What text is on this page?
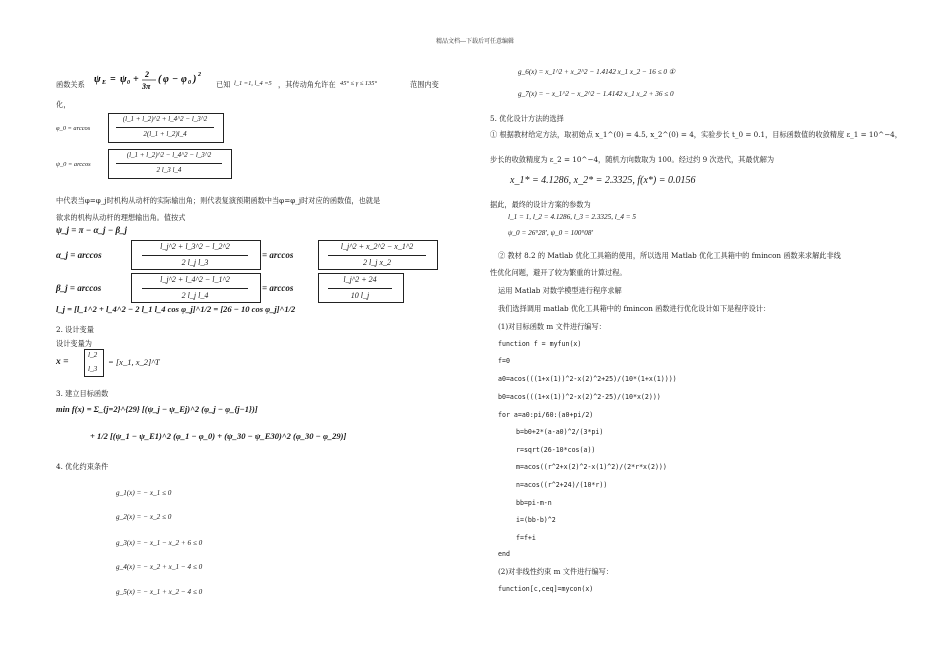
精品文档---下载后可任意编辑
函数关系 ψ E = ψ 0 + 2
3π
( φ − φ 0 ) 2
已知 l_1 =1, l_4 =5 ，其传动角允许在 45° ≤ γ ≤ 135°	范围内变
化，
φ_0 = arccos
(l_1 + l_2)^2 + l_4^2 − l_3^2
2(l_1 + l_2)l_4
ψ_0 = arccos
(l_1 + l_2)^2 − l_4^2 − l_3^2
2 l_3 l_4
中代表当φ=φ_j时机构从动杆的实际输出角；则代表复演预期函数中当φ=φ_j时对应的函数值，也就是
欲求的机构从动杆的理想输出角。值按式
ψ_j = π − α_j − β_j
α_j = arccos
l_j^2 + l_3^2 − l_2^2
2 l_j l_3
= arccos
l_j^2 + x_2^2 − x_1^2
2 l_j x_2
β_j = arccos
l_j^2 + l_4^2 − l_1^2
2 l_j l_4
= arccos
l_j^2 + 24
10 l_j
l_j = [l_1^2 + l_4^2 − 2 l_1 l_4 cos φ_j]^1/2 = [26 − 10 cos φ_j]^1/2
2. 设计变量
设计变量为
x =
l_2
l_3
= [x_1, x_2]^T
3. 建立目标函数
min f(x) = Σ_{j=2}^{29} [(ψ_j − ψ_Ej)^2 (φ_j − φ_{j−1})]
+ 1/2 [(ψ_1 − ψ_E1)^2 (φ_1 − φ_0) + (ψ_30 − ψ_E30)^2 (φ_30 − φ_29)]
4. 优化约束条件
g_1(x) = − x_1 ≤ 0
g_2(x) = − x_2 ≤ 0
g_3(x) = − x_1 − x_2 + 6 ≤ 0
g_4(x) = − x_2 + x_1 − 4 ≤ 0
g_5(x) = − x_1 + x_2 − 4 ≤ 0
g_6(x) = x_1^2 + x_2^2 − 1.4142 x_1 x_2 − 16 ≤ 0 ①
g_7(x) = − x_1^2 − x_2^2 − 1.4142 x_1 x_2 + 36 ≤ 0
5. 优化设计方法的选择
① 根据教材给定方法，取初始点 x_1^(0) = 4.5, x_2^(0) = 4，实验步长 t_0 = 0.1，目标函数值的收敛精度 ε_1 = 10^−4，
步长的收敛精度为 ε_2 = 10^−4，随机方向数取为 100。经过约 9 次迭代，其最优解为
x_1* = 4.1286, x_2* = 2.3325, f(x*) = 0.0156
据此，最终的设计方案的参数为
l_1 = 1, l_2 = 4.1286, l_3 = 2.3325, l_4 = 5
ψ_0 = 26°28′, ψ_0 = 100°08′
② 教材 8.2 的 Matlab 优化工具箱的使用，所以选用 Matlab 优化工具箱中的 fmincon 函数来求解此非线
性优化问题，避开了较为繁重的计算过程。
运用 Matlab 对数学模型进行程序求解
我们选择调用 matlab 优化工具箱中的 fmincon 函数进行优化设计如下是程序设计：
(1)对目标函数 m 文件进行编写：
function f = myfun(x)
f=0
a0=acos(((1+x(1))^2-x(2)^2+25)/(10*(1+x(1))))
b0=acos(((1+x(1))^2-x(2)^2-25)/(10*x(2)))
for a=a0:pi/60:(a0+pi/2)
b=b0+2*(a-a0)^2/(3*pi)
r=sqrt(26-10*cos(a))
m=acos((r^2+x(2)^2-x(1)^2)/(2*r*x(2)))
n=acos((r^2+24)/(10*r))
bb=pi-m-n
i=(bb-b)^2
f=f+i
end
(2)对非线性约束 m 文件进行编写：
function[c,ceq]=mycon(x)
